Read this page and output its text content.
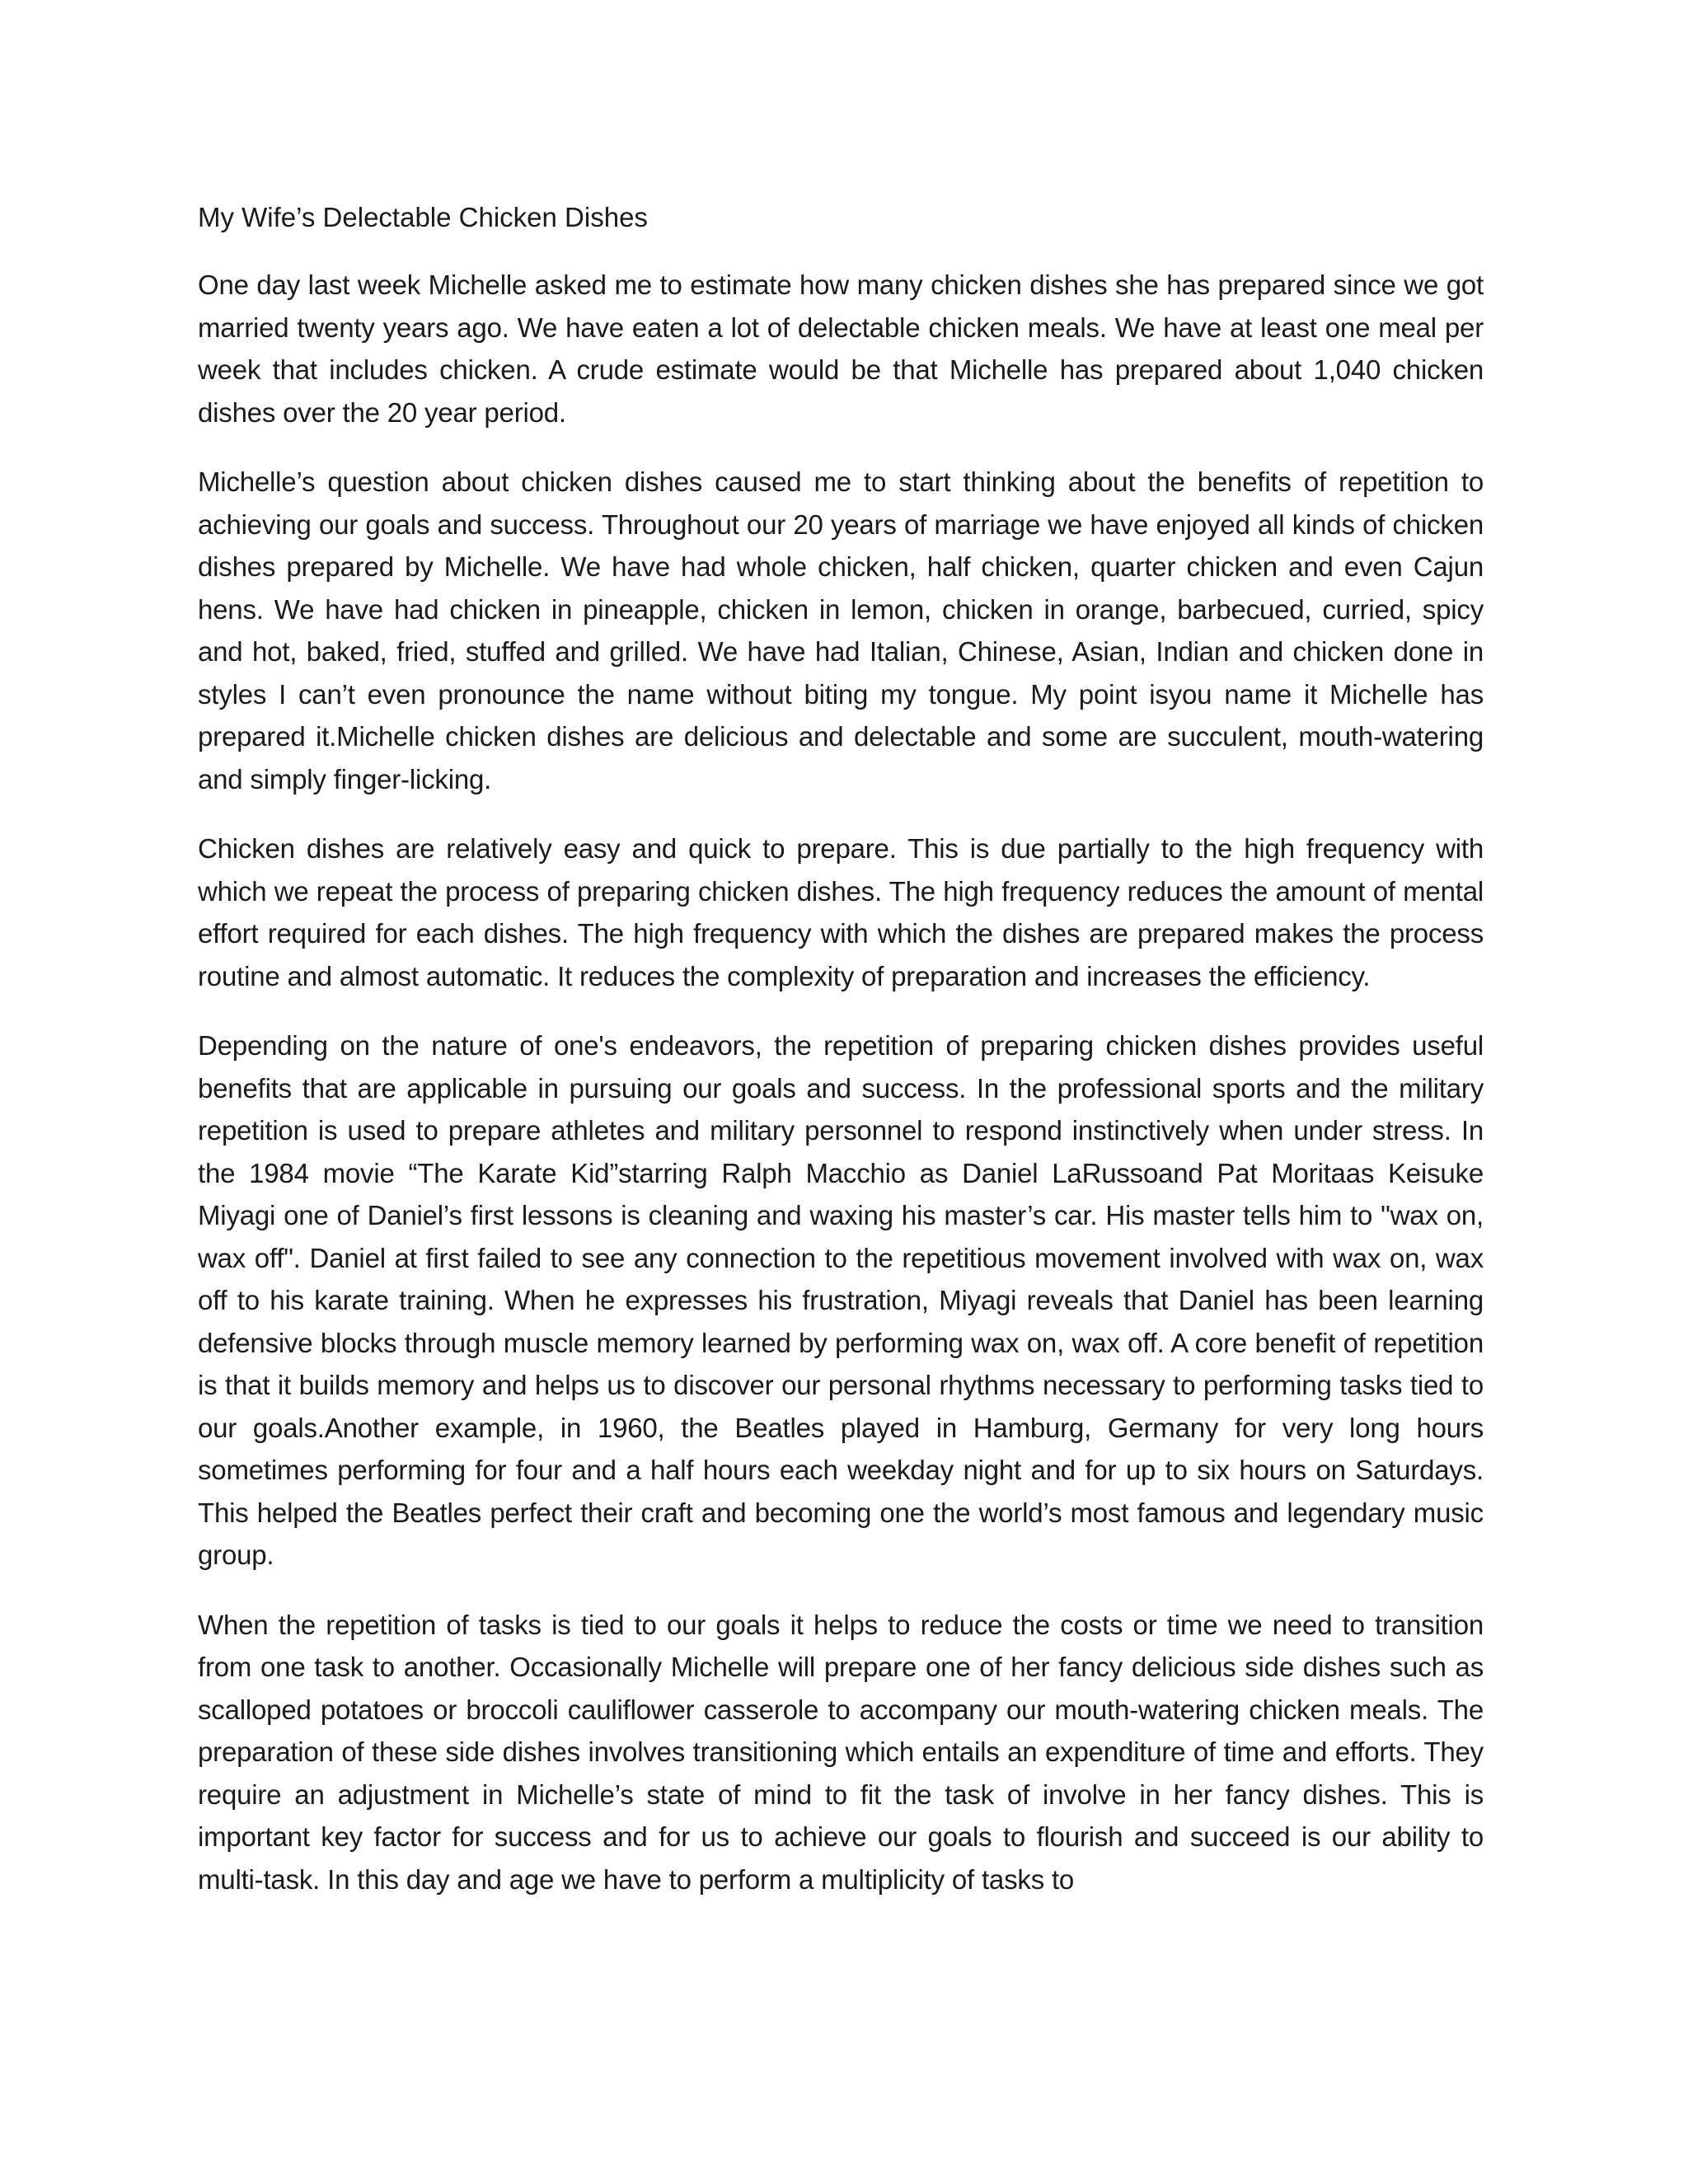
My Wife’s Delectable Chicken Dishes

One day last week Michelle asked me to estimate how many chicken dishes she has prepared since we got married twenty years ago. We have eaten a lot of delectable chicken meals. We have at least one meal per week that includes chicken. A crude estimate would be that Michelle has prepared about 1,040 chicken dishes over the 20 year period.

Michelle’s question about chicken dishes caused me to start thinking about the benefits of repetition to achieving our goals and success. Throughout our 20 years of marriage we have enjoyed all kinds of chicken dishes prepared by Michelle. We have had whole chicken, half chicken, quarter chicken and even Cajun hens. We have had chicken in pineapple, chicken in lemon, chicken in orange, barbecued, curried, spicy and hot, baked, fried, stuffed and grilled. We have had Italian, Chinese, Asian, Indian and chicken done in styles I can’t even pronounce the name without biting my tongue. My point isyou name it Michelle has prepared it.Michelle chicken dishes are delicious and delectable and some are succulent, mouth-watering and simply finger-licking.

Chicken dishes are relatively easy and quick to prepare. This is due partially to the high frequency with which we repeat the process of preparing chicken dishes. The high frequency reduces the amount of mental effort required for each dishes. The high frequency with which the dishes are prepared makes the process routine and almost automatic. It reduces the complexity of preparation and increases the efficiency.

Depending on the nature of one's endeavors, the repetition of preparing chicken dishes provides useful benefits that are applicable in pursuing our goals and success. In the professional sports and the military repetition is used to prepare athletes and military personnel to respond instinctively when under stress. In the 1984 movie “The Karate Kid”starring Ralph Macchio as Daniel LaRussoand Pat Moritaas Keisuke Miyagi one of Daniel’s first lessons is cleaning and waxing his master’s car. His master tells him to "wax on, wax off". Daniel at first failed to see any connection to the repetitious movement involved with wax on, wax off to his karate training. When he expresses his frustration, Miyagi reveals that Daniel has been learning defensive blocks through muscle memory learned by performing wax on, wax off. A core benefit of repetition is that it builds memory and helps us to discover our personal rhythms necessary to performing tasks tied to our goals.Another example, in 1960, the Beatles played in Hamburg, Germany for very long hours sometimes performing for four and a half hours each weekday night and for up to six hours on Saturdays. This helped the Beatles perfect their craft and becoming one the world’s most famous and legendary music group.

When the repetition of tasks is tied to our goals it helps to reduce the costs or time we need to transition from one task to another. Occasionally Michelle will prepare one of her fancy delicious side dishes such as scalloped potatoes or broccoli cauliflower casserole to accompany our mouth-watering chicken meals. The preparation of these side dishes involves transitioning which entails an expenditure of time and efforts. They require an adjustment in Michelle’s state of mind to fit the task of involve in her fancy dishes. This is important key factor for success and for us to achieve our goals to flourish and succeed is our ability to multi-task. In this day and age we have to perform a multiplicity of tasks to
